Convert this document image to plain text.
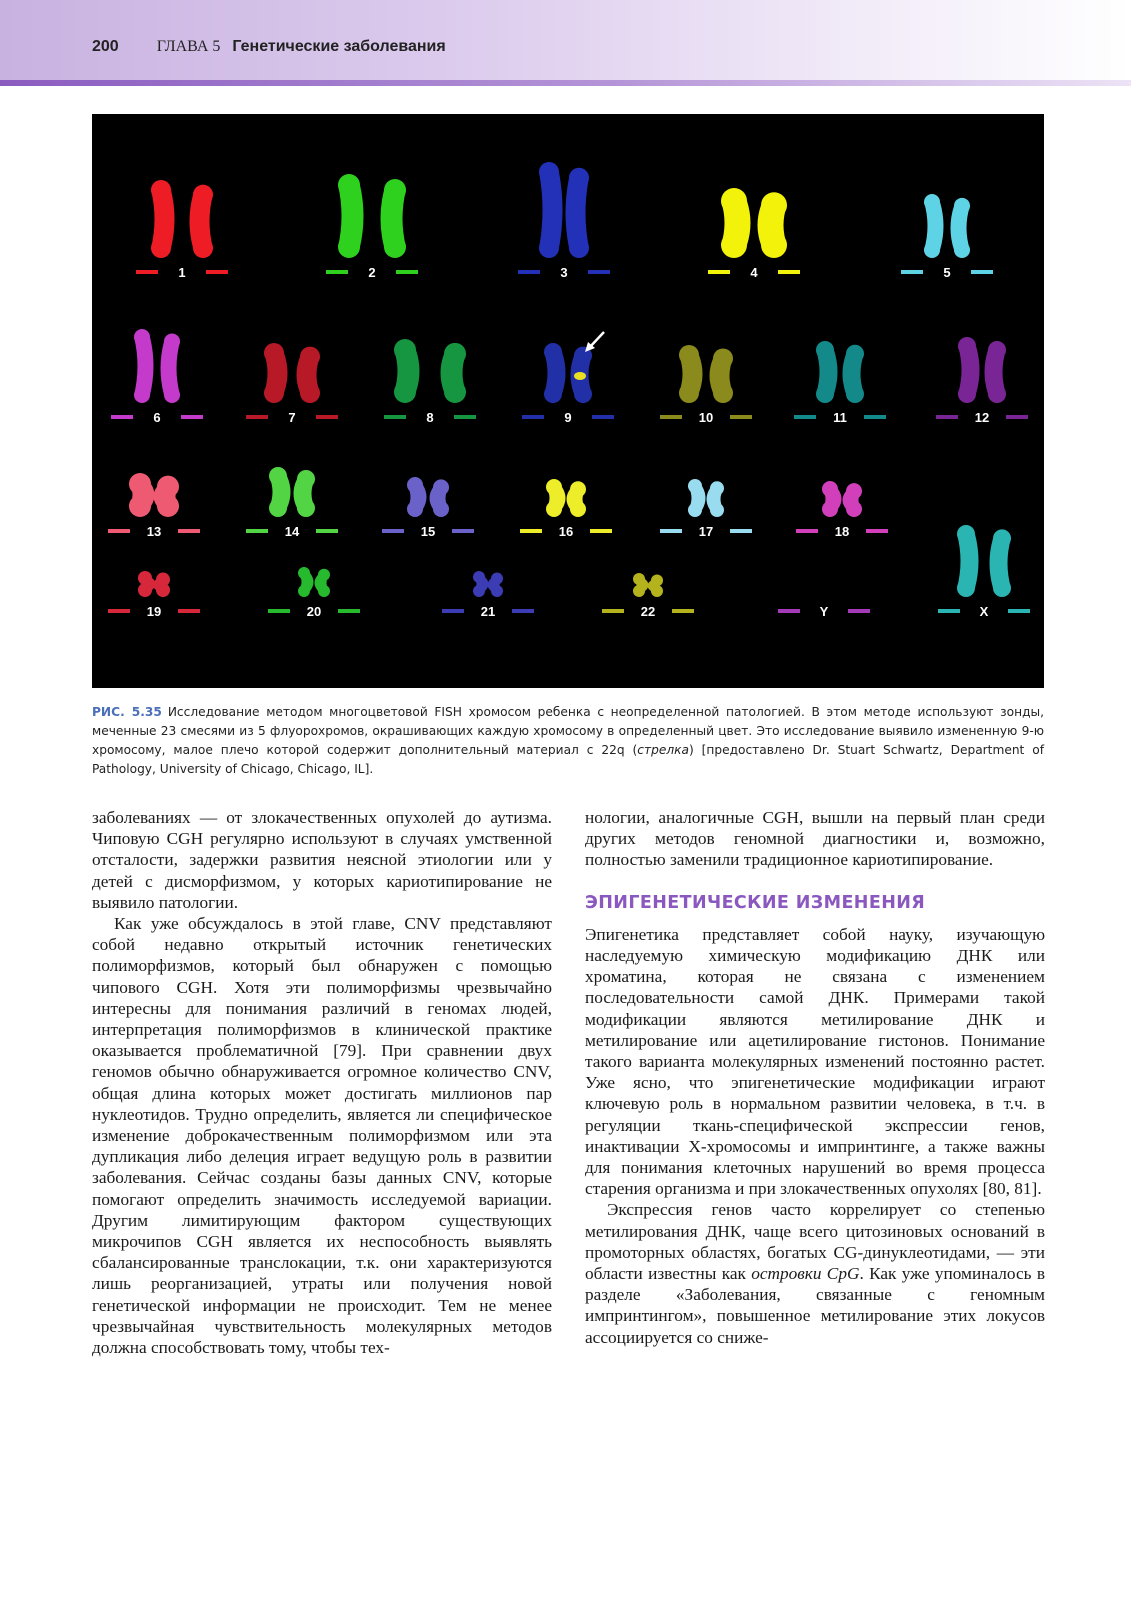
200 ГЛАВА 5 Генетические заболевания
1	2	3	4	5
6	7	8	9	10	11	12
13	14	15	16	17	18
19	20	21	22	Y	X
РИС. 5.35 Исследование методом многоцветовой FISH хромосом ребенка с неопределенной патологией. В этом методе используют зонды, меченные 23 смесями из 5 флуорохромов, окрашивающих каждую хромосому в определенный цвет. Это исследование выявило измененную 9-ю хромосому, малое плечо которой содержит дополнительный материал с 22q (стрелка) [предоставлено Dr. Stuart Schwartz, Department of Pathology, University of Chicago, Chicago, IL].

заболеваниях — от злокачественных опухолей до аутизма. Чиповую CGH регулярно используют в случаях умственной отсталости, задержки развития неясной этиологии или у детей с дисморфизмом, у которых кариотипирование не выявило патологии.

Как уже обсуждалось в этой главе, CNV представляют собой недавно открытый источник генетических полиморфизмов, который был обнаружен с помощью чипового CGH. Хотя эти полиморфизмы чрезвычайно интересны для понимания различий в геномах людей, интерпретация полиморфизмов в клинической практике оказывается проблематичной [79]. При сравнении двух геномов обычно обнаруживается огромное количество CNV, общая длина которых может достигать миллионов пар нуклеотидов. Трудно определить, является ли специфическое изменение доброкачественным полиморфизмом или эта дупликация либо делеция играет ведущую роль в развитии заболевания. Сейчас созданы базы данных CNV, которые помогают определить значимость исследуемой вариации. Другим лимитирующим фактором существующих микрочипов CGH является их неспособность выявлять сбалансированные транслокации, т.к. они характеризуются лишь реорганизацией, утраты или получения новой генетической информации не происходит. Тем не менее чрезвычайная чувствительность молекулярных методов должна способствовать тому, чтобы тех-

нологии, аналогичные CGH, вышли на первый план среди других методов геномной диагностики и, возможно, полностью заменили традиционное кариотипирование.

ЭПИГЕНЕТИЧЕСКИЕ ИЗМЕНЕНИЯ

Эпигенетика представляет собой науку, изучающую наследуемую химическую модификацию ДНК или хроматина, которая не связана с изменением последовательности самой ДНК. Примерами такой модификации являются метилирование ДНК и метилирование или ацетилирование гистонов. Понимание такого варианта молекулярных изменений постоянно растет. Уже ясно, что эпигенетические модификации играют ключевую роль в нормальном развитии человека, в т.ч. в регуляции ткань-специфической экспрессии генов, инактивации X-хромосомы и импринтинге, а также важны для понимания клеточных нарушений во время процесса старения организма и при злокачественных опухолях [80, 81].

Экспрессия генов часто коррелирует со степенью метилирования ДНК, чаще всего цитозиновых оснований в промоторных областях, богатых CG-динуклеотидами, — эти области известны как островки CpG. Как уже упоминалось в разделе «Заболевания, связанные с геномным импринтингом», повышенное метилирование этих локусов ассоциируется со сниже-
